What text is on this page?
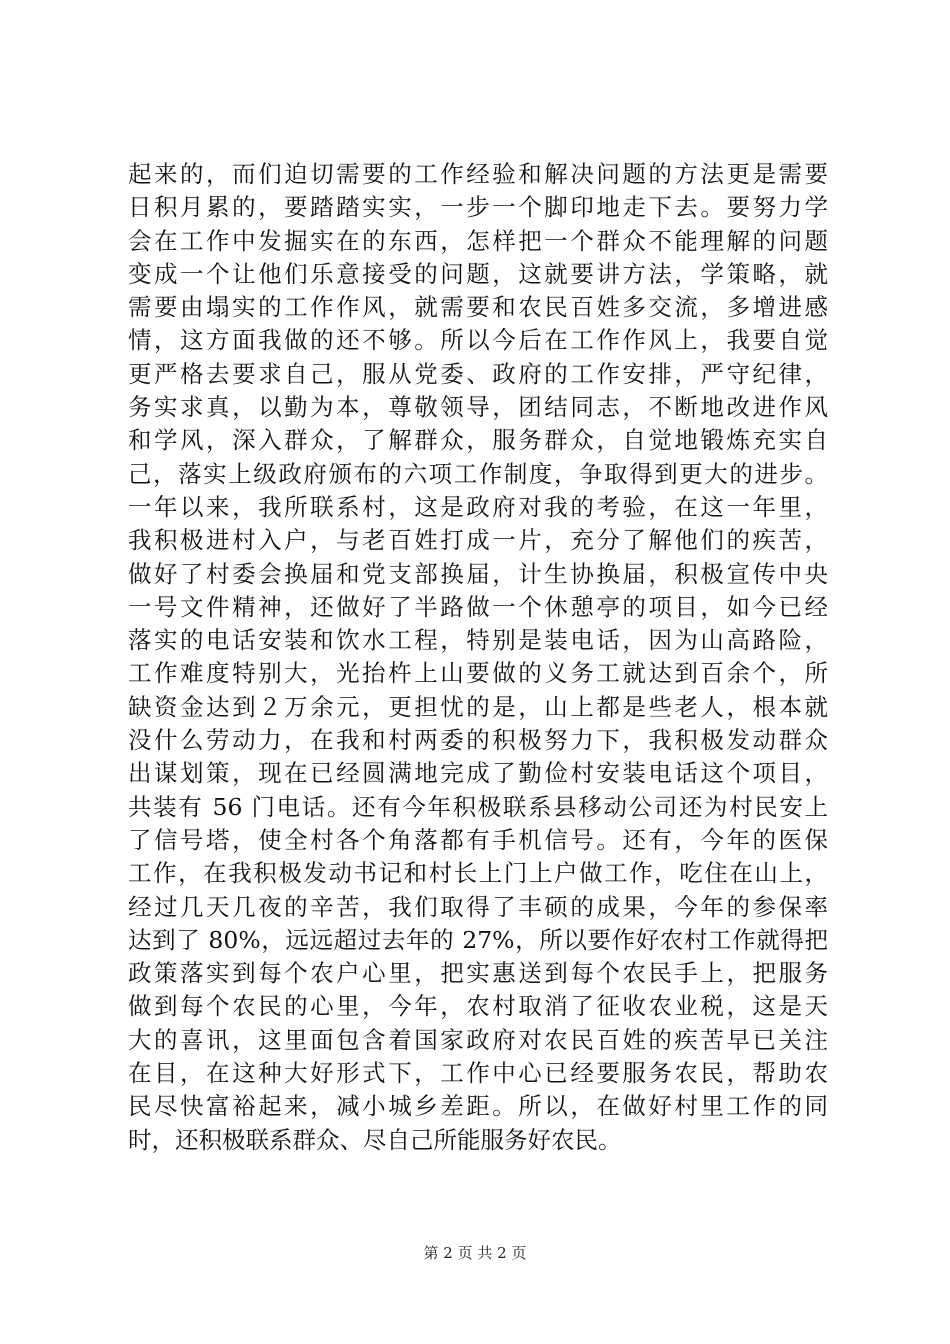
起来的，而们迫切需要的工作经验和解决问题的方法更是需要
日积月累的，要踏踏实实，一步一个脚印地走下去。要努力学
会在工作中发掘实在的东西，怎样把一个群众不能理解的问题
变成一个让他们乐意接受的问题，这就要讲方法，学策略，就
需要由塌实的工作作风，就需要和农民百姓多交流，多增进感
情，这方面我做的还不够。所以今后在工作作风上，我要自觉
更严格去要求自己，服从党委、政府的工作安排，严守纪律，
务实求真，以勤为本，尊敬领导，团结同志，不断地改进作风
和学风，深入群众，了解群众，服务群众，自觉地锻炼充实自
己，落实上级政府颁布的六项工作制度，争取得到更大的进步。
一年以来，我所联系村，这是政府对我的考验，在这一年里，
我积极进村入户，与老百姓打成一片，充分了解他们的疾苦，
做好了村委会换届和党支部换届，计生协换届，积极宣传中央
一号文件精神，还做好了半路做一个休憩亭的项目，如今已经
落实的电话安装和饮水工程，特别是装电话，因为山高路险，
工作难度特别大，光抬杵上山要做的义务工就达到百余个，所
缺资金达到２万余元，更担忧的是，山上都是些老人，根本就
没什么劳动力，在我和村两委的积极努力下，我积极发动群众
出谋划策，现在已经圆满地完成了勤俭村安装电话这个项目，
共装有 56 门电话。还有今年积极联系县移动公司还为村民安上
了信号塔，使全村各个角落都有手机信号。还有，今年的医保
工作，在我积极发动书记和村长上门上户做工作，吃住在山上，
经过几天几夜的辛苦，我们取得了丰硕的成果，今年的参保率
达到了 80%，远远超过去年的 27%，所以要作好农村工作就得把
政策落实到每个农户心里，把实惠送到每个农民手上，把服务
做到每个农民的心里，今年，农村取消了征收农业税，这是天
大的喜讯，这里面包含着国家政府对农民百姓的疾苦早已关注
在目，在这种大好形式下，工作中心已经要服务农民，帮助农
民尽快富裕起来，减小城乡差距。所以，在做好村里工作的同
时，还积极联系群众、尽自己所能服务好农民。
第 2 页 共 2 页
